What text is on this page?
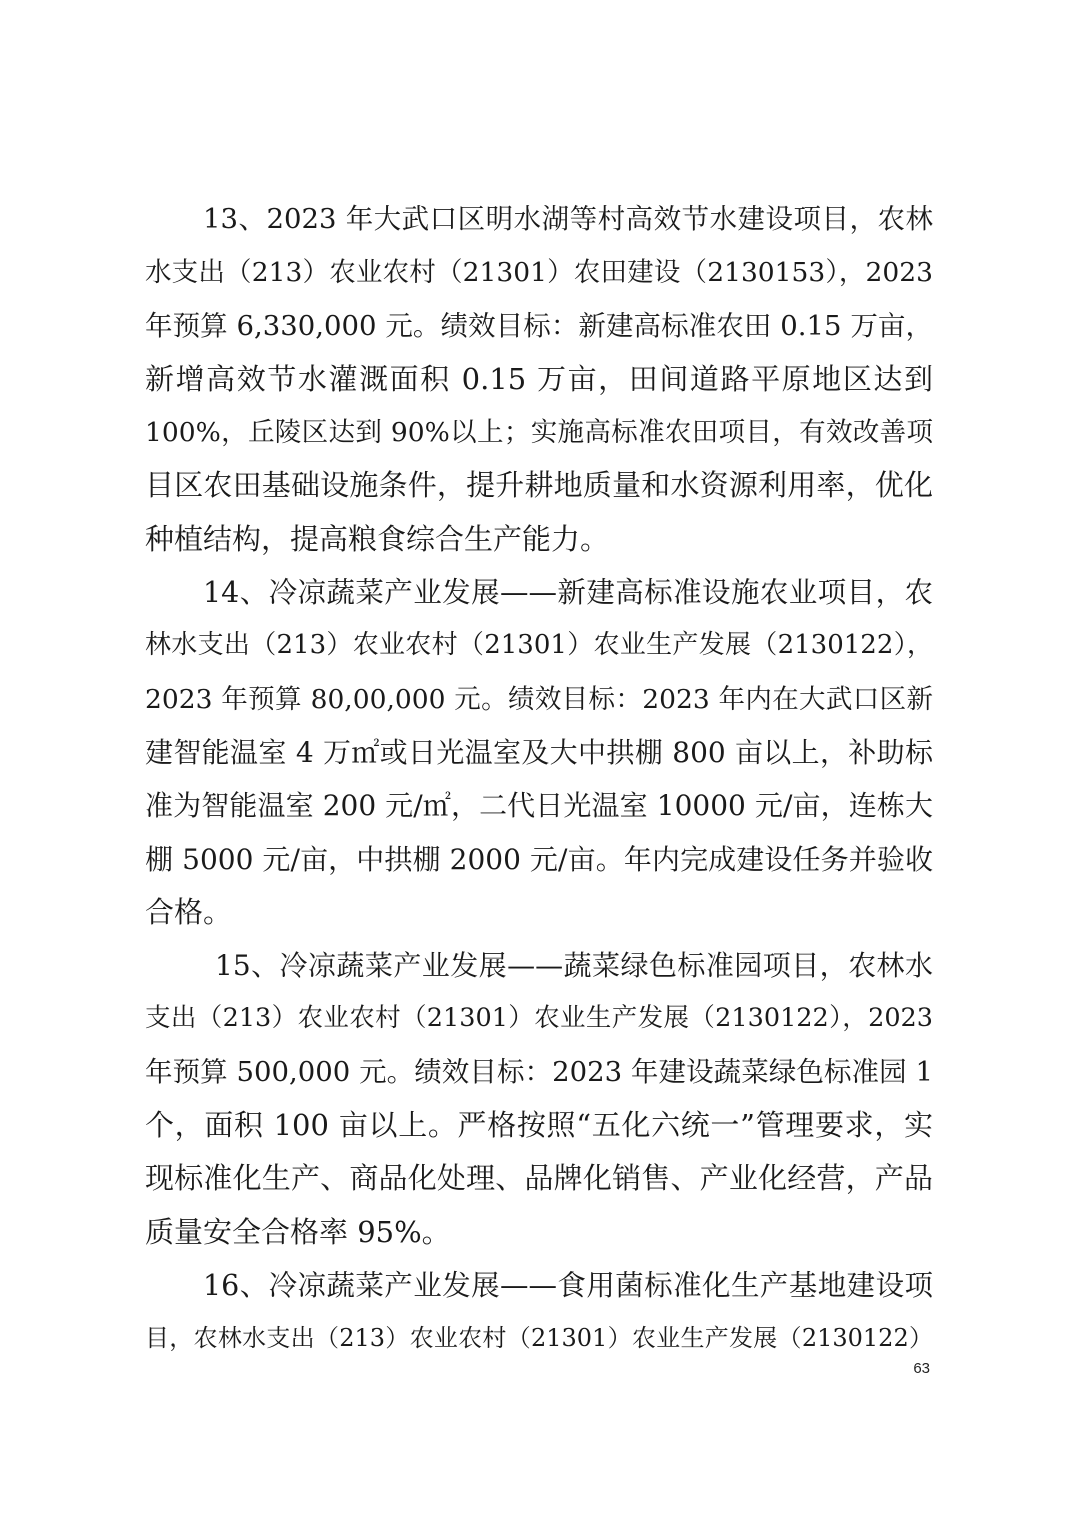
13、2023 年大武口区明水湖等村高效节水建设项目，农林
水支出（213）农业农村（21301）农田建设（2130153），2023
年预算 6,330,000 元。绩效目标：新建高标准农田 0.15 万亩，
新增高效节水灌溉面积 0.15 万亩，田间道路平原地区达到
100%，丘陵区达到 90%以上；实施高标准农田项目，有效改善项
目区农田基础设施条件，提升耕地质量和水资源利用率，优化
种植结构，提高粮食综合生产能力。
14、冷凉蔬菜产业发展——新建高标准设施农业项目，农
林水支出（213）农业农村（21301）农业生产发展（2130122），
2023 年预算 80,00,000 元。绩效目标：2023 年内在大武口区新
建智能温室 4 万㎡或日光温室及大中拱棚 800 亩以上，补助标
准为智能温室 200 元/㎡，二代日光温室 10000 元/亩，连栋大
棚 5000 元/亩，中拱棚 2000 元/亩。年内完成建设任务并验收
合格。
15、冷凉蔬菜产业发展——蔬菜绿色标准园项目，农林水
支出（213）农业农村（21301）农业生产发展（2130122），2023
年预算 500,000 元。绩效目标：2023 年建设蔬菜绿色标准园 1
个，面积 100 亩以上。严格按照“五化六统一”管理要求，实
现标准化生产、商品化处理、品牌化销售、产业化经营，产品
质量安全合格率 95%。
16、冷凉蔬菜产业发展——食用菌标准化生产基地建设项
目，农林水支出（213）农业农村（21301）农业生产发展（2130122）
63
